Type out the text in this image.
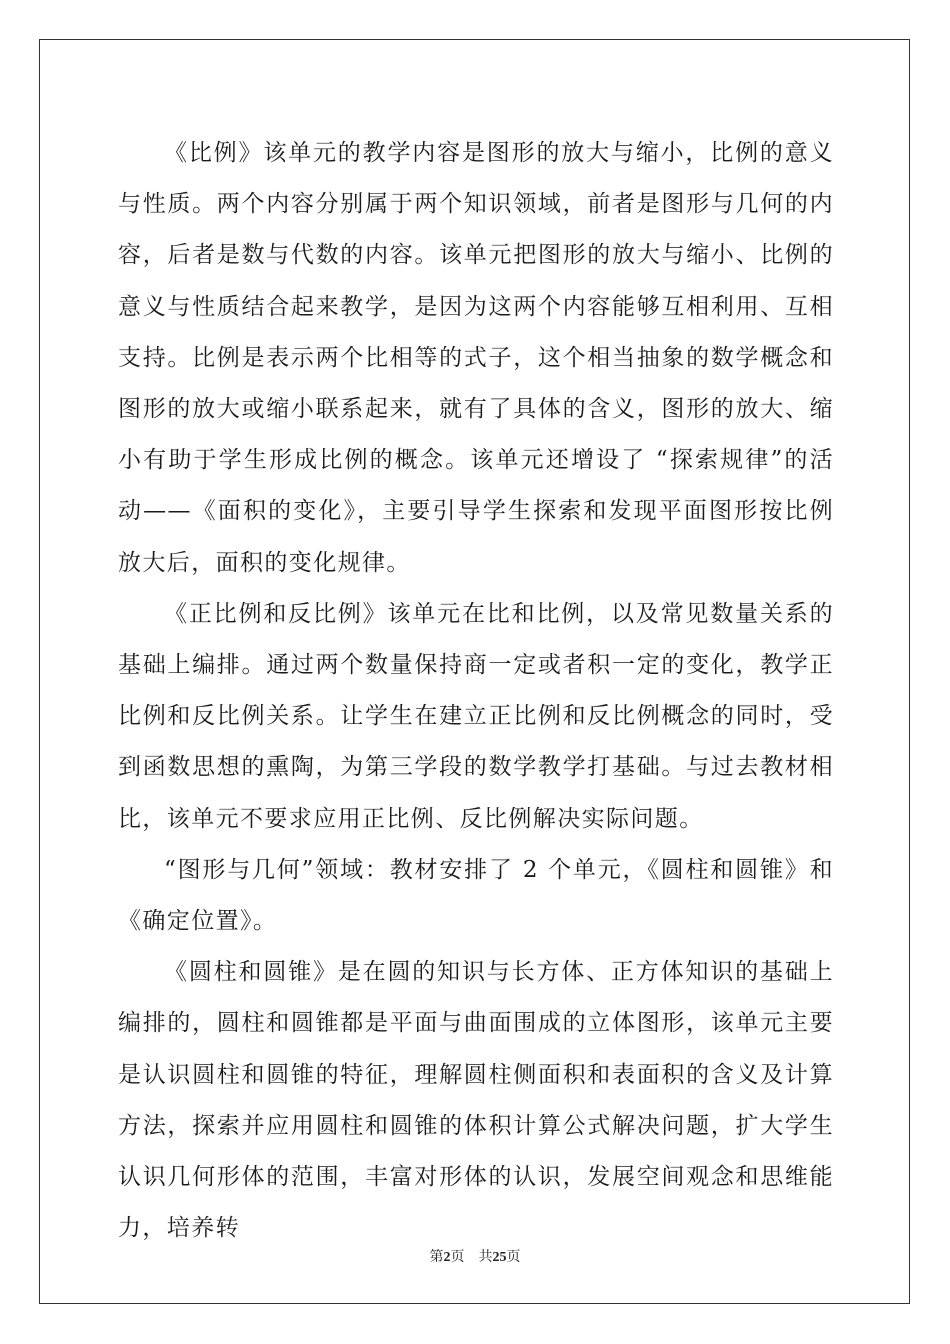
《比例》该单元的教学内容是图形的放大与缩小，比例的意义与性质。两个内容分别属于两个知识领域，前者是图形与几何的内容，后者是数与代数的内容。该单元把图形的放大与缩小、比例的意义与性质结合起来教学，是因为这两个内容能够互相利用、互相支持。比例是表示两个比相等的式子，这个相当抽象的数学概念和图形的放大或缩小联系起来，就有了具体的含义，图形的放大、缩小有助于学生形成比例的概念。该单元还增设了 “探索规律”的活动——《面积的变化》，主要引导学生探索和发现平面图形按比例放大后，面积的变化规律。

《正比例和反比例》该单元在比和比例，以及常见数量关系的基础上编排。通过两个数量保持商一定或者积一定的变化，教学正比例和反比例关系。让学生在建立正比例和反比例概念的同时，受到函数思想的熏陶，为第三学段的数学教学打基础。与过去教材相比，该单元不要求应用正比例、反比例解决实际问题。

“图形与几何”领域：教材安排了 2 个单元，《圆柱和圆锥》和《确定位置》。

《圆柱和圆锥》是在圆的知识与长方体、正方体知识的基础上编排的，圆柱和圆锥都是平面与曲面围成的立体图形，该单元主要是认识圆柱和圆锥的特征，理解圆柱侧面积和表面积的含义及计算方法，探索并应用圆柱和圆锥的体积计算公式解决问题，扩大学生认识几何形体的范围，丰富对形体的认识，发展空间观念和思维能力，培养转

第2页 共25页
